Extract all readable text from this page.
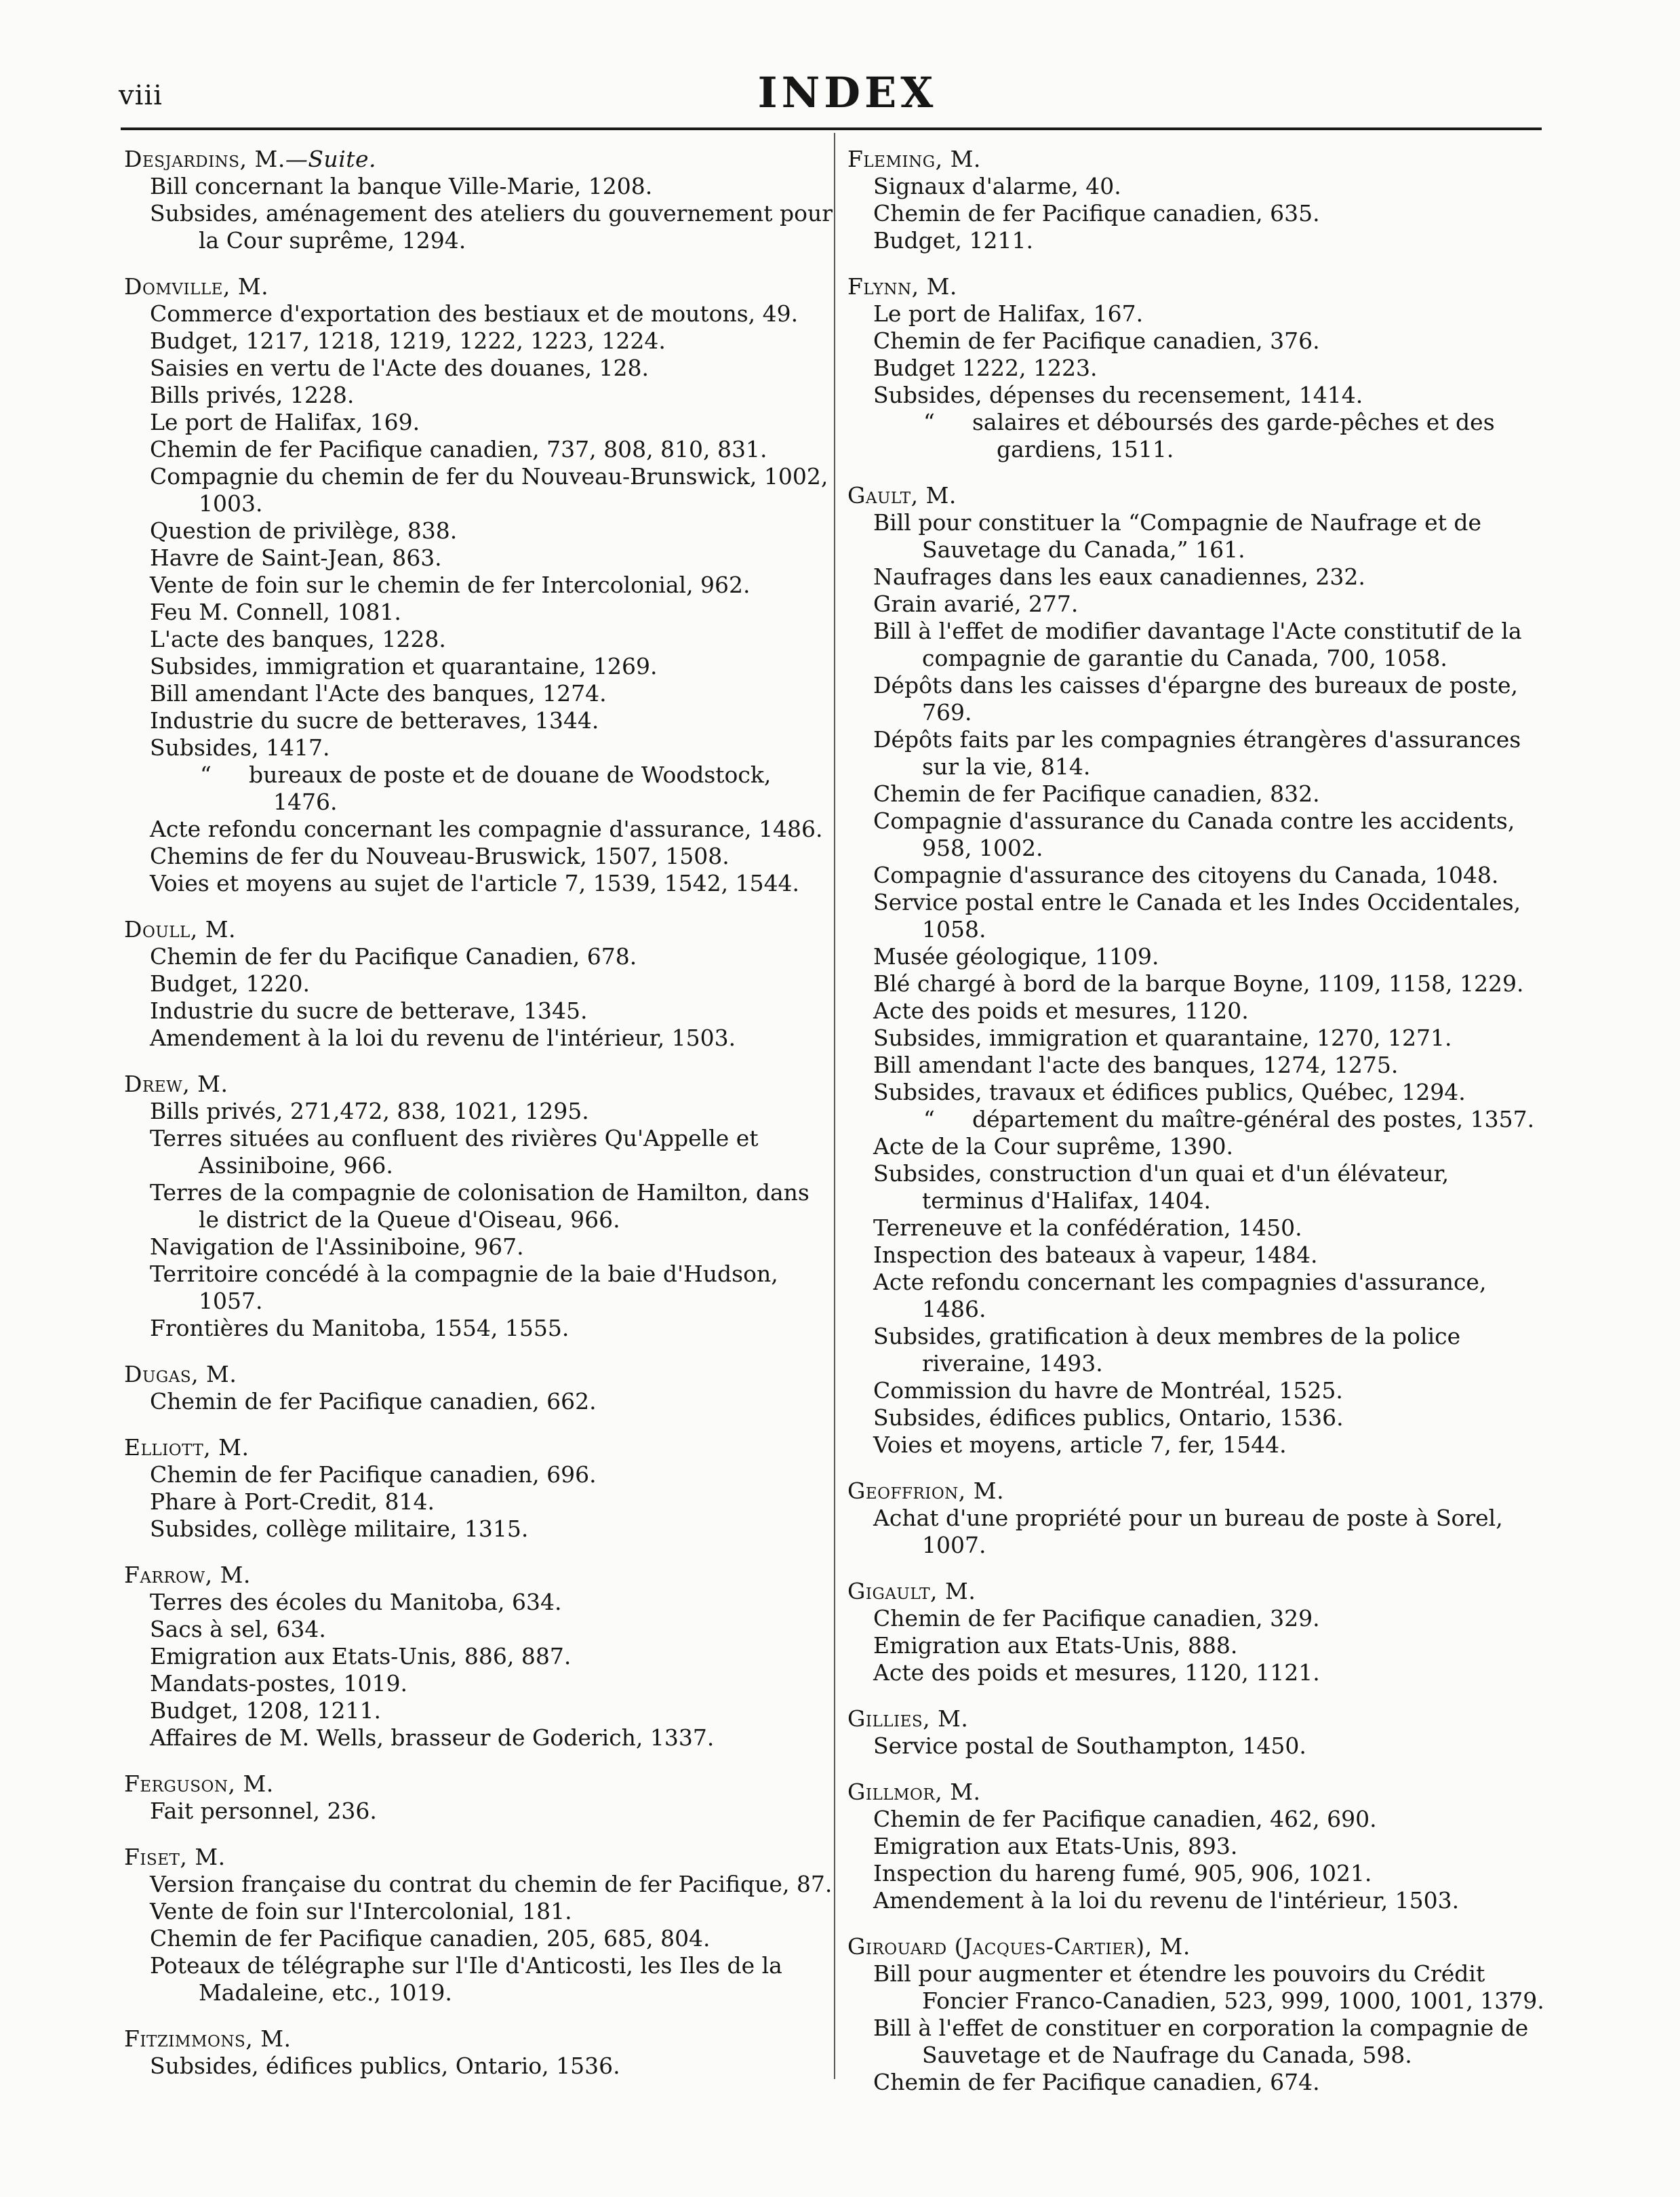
viii	INDEX
Desjardins, M.—Suite.
Bill concernant la banque Ville-Marie, 1208.
Subsides, aménagement des ateliers du gouvernement pour la Cour suprême, 1294.
Domville, M.
Commerce d'exportation des bestiaux et de moutons, 49.
Budget, 1217, 1218, 1219, 1222, 1223, 1224.
Saisies en vertu de l'Acte des douanes, 128.
Bills privés, 1228.
Le port de Halifax, 169.
Chemin de fer Pacifique canadien, 737, 808, 810, 831.
Compagnie du chemin de fer du Nouveau-Brunswick, 1002, 1003.
Question de privilège, 838.
Havre de Saint-Jean, 863.
Vente de foin sur le chemin de fer Intercolonial, 962.
Feu M. Connell, 1081.
L'acte des banques, 1228.
Subsides, immigration et quarantaine, 1269.
Bill amendant l'Acte des banques, 1274.
Industrie du sucre de betteraves, 1344.
Subsides, 1417.
“ bureaux de poste et de douane de Woodstock, 1476.
Acte refondu concernant les compagnie d'assurance, 1486.
Chemins de fer du Nouveau-Bruswick, 1507, 1508.
Voies et moyens au sujet de l'article 7, 1539, 1542, 1544.
Doull, M.
Chemin de fer du Pacifique Canadien, 678.
Budget, 1220.
Industrie du sucre de betterave, 1345.
Amendement à la loi du revenu de l'intérieur, 1503.
Drew, M.
Bills privés, 271,472, 838, 1021, 1295.
Terres situées au confluent des rivières Qu'Appelle et Assiniboine, 966.
Terres de la compagnie de colonisation de Hamilton, dans le district de la Queue d'Oiseau, 966.
Navigation de l'Assiniboine, 967.
Territoire concédé à la compagnie de la baie d'Hudson, 1057.
Frontières du Manitoba, 1554, 1555.
Dugas, M.
Chemin de fer Pacifique canadien, 662.
Elliott, M.
Chemin de fer Pacifique canadien, 696.
Phare à Port-Credit, 814.
Subsides, collège militaire, 1315.
Farrow, M.
Terres des écoles du Manitoba, 634.
Sacs à sel, 634.
Emigration aux Etats-Unis, 886, 887.
Mandats-postes, 1019.
Budget, 1208, 1211.
Affaires de M. Wells, brasseur de Goderich, 1337.
Ferguson, M.
Fait personnel, 236.
Fiset, M.
Version française du contrat du chemin de fer Pacifique, 87.
Vente de foin sur l'Intercolonial, 181.
Chemin de fer Pacifique canadien, 205, 685, 804.
Poteaux de télégraphe sur l'Ile d'Anticosti, les Iles de la Madaleine, etc., 1019.
Fitzimmons, M.
Subsides, édifices publics, Ontario, 1536.
Fleming, M.
Signaux d'alarme, 40.
Chemin de fer Pacifique canadien, 635.
Budget, 1211.
Flynn, M.
Le port de Halifax, 167.
Chemin de fer Pacifique canadien, 376.
Budget 1222, 1223.
Subsides, dépenses du recensement, 1414.
“ salaires et déboursés des garde-pêches et des gardiens, 1511.
Gault, M.
Bill pour constituer la “Compagnie de Naufrage et de Sauvetage du Canada,” 161.
Naufrages dans les eaux canadiennes, 232.
Grain avarié, 277.
Bill à l'effet de modifier davantage l'Acte constitutif de la compagnie de garantie du Canada, 700, 1058.
Dépôts dans les caisses d'épargne des bureaux de poste, 769.
Dépôts faits par les compagnies étrangères d'assurances sur la vie, 814.
Chemin de fer Pacifique canadien, 832.
Compagnie d'assurance du Canada contre les accidents, 958, 1002.
Compagnie d'assurance des citoyens du Canada, 1048.
Service postal entre le Canada et les Indes Occidentales, 1058.
Musée géologique, 1109.
Blé chargé à bord de la barque Boyne, 1109, 1158, 1229.
Acte des poids et mesures, 1120.
Subsides, immigration et quarantaine, 1270, 1271.
Bill amendant l'acte des banques, 1274, 1275.
Subsides, travaux et édifices publics, Québec, 1294.
“ département du maître-général des postes, 1357.
Acte de la Cour suprême, 1390.
Subsides, construction d'un quai et d'un élévateur, terminus d'Halifax, 1404.
Terreneuve et la confédération, 1450.
Inspection des bateaux à vapeur, 1484.
Acte refondu concernant les compagnies d'assurance, 1486.
Subsides, gratification à deux membres de la police riveraine, 1493.
Commission du havre de Montréal, 1525.
Subsides, édifices publics, Ontario, 1536.
Voies et moyens, article 7, fer, 1544.
Geoffrion, M.
Achat d'une propriété pour un bureau de poste à Sorel, 1007.
Gigault, M.
Chemin de fer Pacifique canadien, 329.
Emigration aux Etats-Unis, 888.
Acte des poids et mesures, 1120, 1121.
Gillies, M.
Service postal de Southampton, 1450.
Gillmor, M.
Chemin de fer Pacifique canadien, 462, 690.
Emigration aux Etats-Unis, 893.
Inspection du hareng fumé, 905, 906, 1021.
Amendement à la loi du revenu de l'intérieur, 1503.
Girouard (Jacques-Cartier), M.
Bill pour augmenter et étendre les pouvoirs du Crédit Foncier Franco-Canadien, 523, 999, 1000, 1001, 1379.
Bill à l'effet de constituer en corporation la compagnie de Sauvetage et de Naufrage du Canada, 598.
Chemin de fer Pacifique canadien, 674.
